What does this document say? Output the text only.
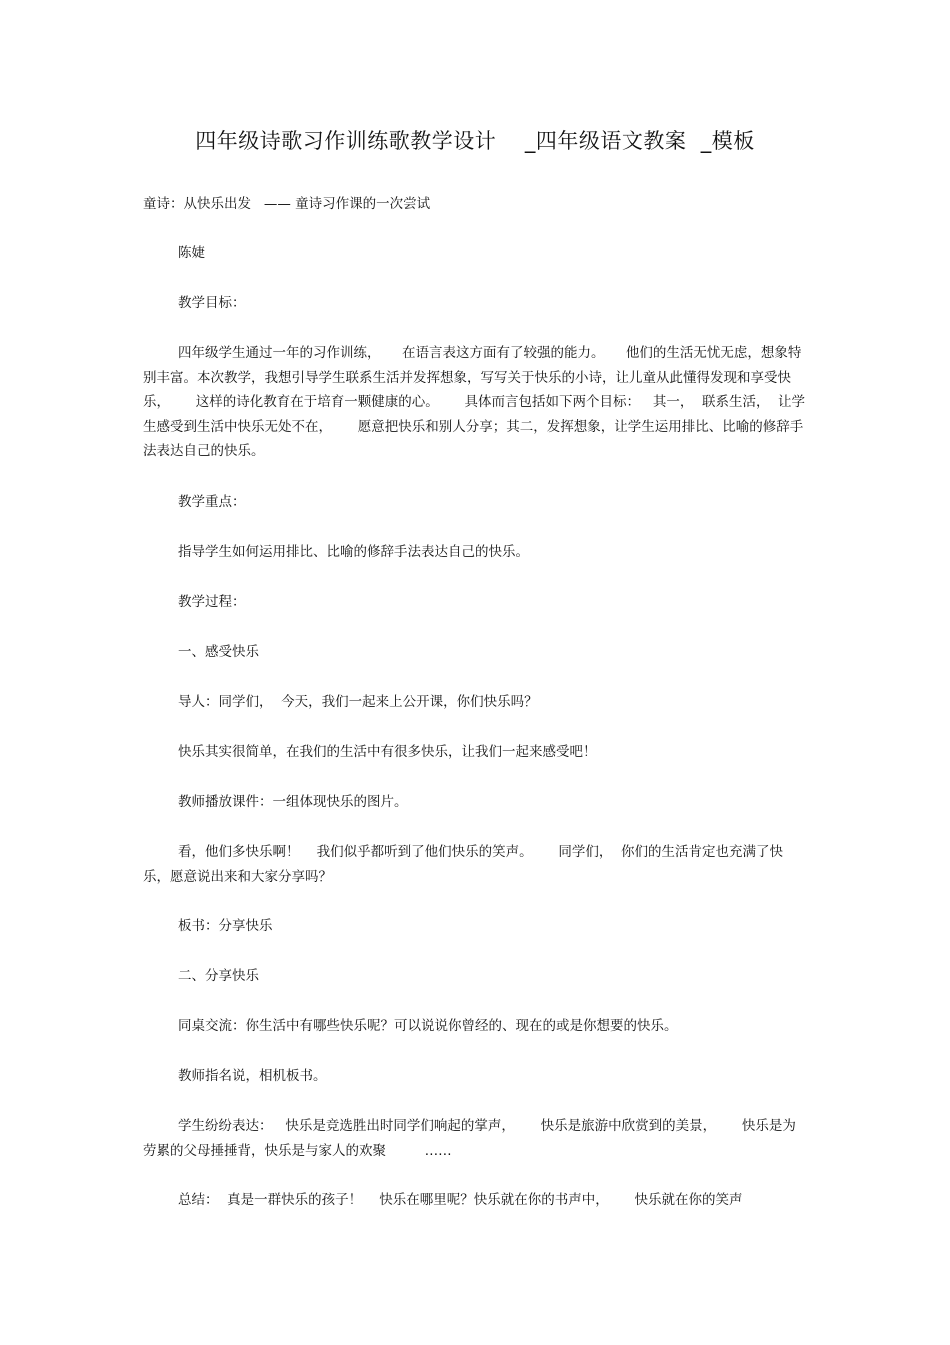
四年级诗歌习作训练歌教学设计    _四年级语文教案  _模板

童诗：从快乐出发   —— 童诗习作课的一次尝试

陈婕

教学目标：

四年级学生通过一年的习作训练，     在语言表这方面有了较强的能力。     他们的生活无忧无虑，想象特别丰富。本次教学，我想引导学生联系生活并发挥想象，写写关于快乐的小诗，让儿童从此懂得发现和享受快乐，      这样的诗化教育在于培育一颗健康的心。      具体而言包括如下两个目标：   其一，  联系生活，  让学生感受到生活中快乐无处不在，      愿意把快乐和别人分享；其二，发挥想象，让学生运用排比、比喻的修辞手法表达自己的快乐。

教学重点：

指导学生如何运用排比、比喻的修辞手法表达自己的快乐。

教学过程：

一、感受快乐

导人：同学们，  今天，我们一起来上公开课，你们快乐吗？

快乐其实很简单，在我们的生活中有很多快乐，让我们一起来感受吧！

教师播放课件：一组体现快乐的图片。

看，他们多快乐啊！    我们似乎都听到了他们快乐的笑声。      同学们，  你们的生活肯定也充满了快乐，愿意说出来和大家分享吗？

板书：分享快乐

二、分享快乐

同桌交流：你生活中有哪些快乐呢？可以说说你曾经的、现在的或是你想要的快乐。

教师指名说，相机板书。

学生纷纷表达：   快乐是竞选胜出时同学们响起的掌声，      快乐是旅游中欣赏到的美景，      快乐是为劳累的父母捶捶背，快乐是与家人的欢聚         ……

总结：  真是一群快乐的孩子！    快乐在哪里呢？快乐就在你的书声中，      快乐就在你的笑声
